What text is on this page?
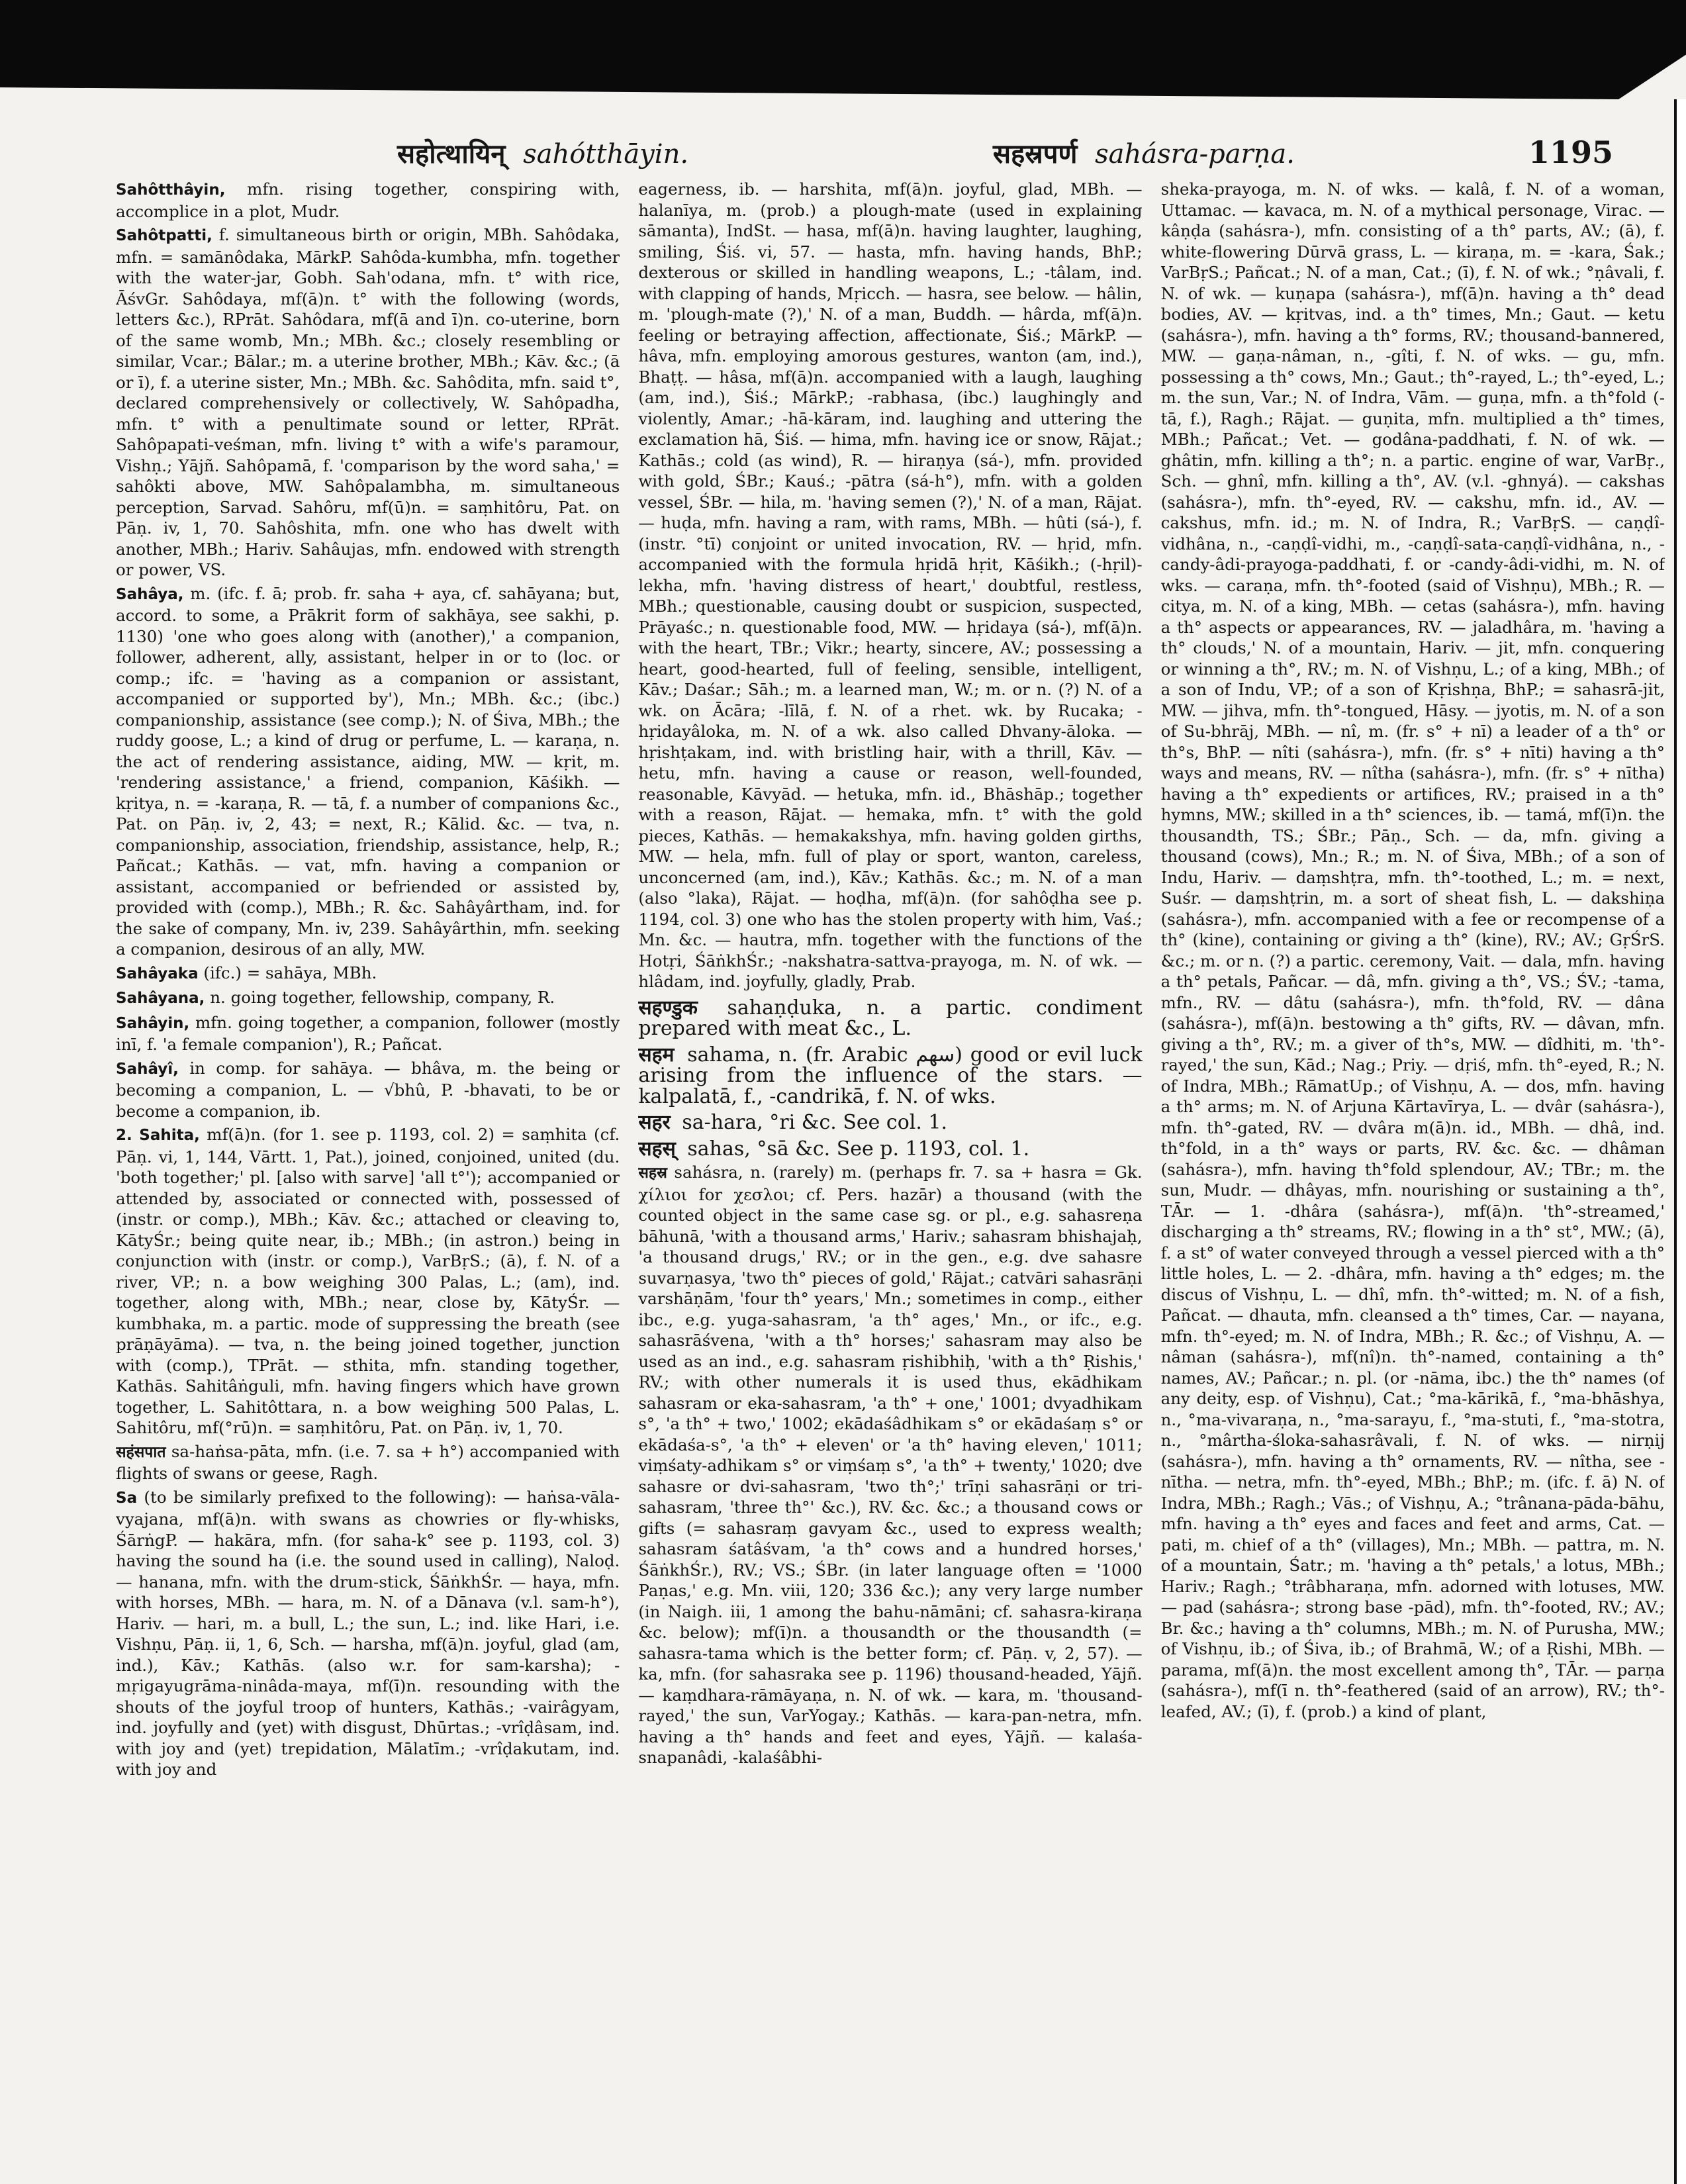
सहोत्थायिन् sahótthāyin.	सहस्रपर्ण sahásra-parṇa.	1195

Sahôtthâyin, mfn. rising together, conspiring with, accomplice in a plot, Mudr.

Sahôtpatti, f. simultaneous birth or origin, MBh. Sahôdaka, mfn. = samānôdaka, MārkP. Sahôda-kumbha, mfn. together with the water-jar, Gobh. Sah'odana, mfn. t° with rice, ĀśvGr. Sahôdaya, mf(ā)n. t° with the following (words, letters &c.), RPrāt. Sahôdara, mf(ā and ī)n. co-uterine, born of the same womb, Mn.; MBh. &c.; closely resembling or similar, Vcar.; Bālar.; m. a uterine brother, MBh.; Kāv. &c.; (ā or ī), f. a uterine sister, Mn.; MBh. &c. Sahôdita, mfn. said t°, declared comprehensively or collectively, W. Sahôpadha, mfn. t° with a penultimate sound or letter, RPrāt. Sahôpapati-veśman, mfn. living t° with a wife's paramour, Vishṇ.; Yājñ. Sahôpamā, f. 'comparison by the word saha,' = sahôkti above, MW. Sahôpalambha, m. simultaneous perception, Sarvad. Sahôru, mf(ū)n. = saṃhitôru, Pat. on Pāṇ. iv, 1, 70. Sahôshita, mfn. one who has dwelt with another, MBh.; Hariv. Sahâujas, mfn. endowed with strength or power, VS.

Sahâya, m. (ifc. f. ā; prob. fr. saha + aya, cf. sahāyana; but, accord. to some, a Prākrit form of sakhāya, see sakhi, p. 1130) 'one who goes along with (another),' a companion, follower, adherent, ally, assistant, helper in or to (loc. or comp.; ifc. = 'having as a companion or assistant, accompanied or supported by'), Mn.; MBh. &c.; (ibc.) companionship, assistance (see comp.); N. of Śiva, MBh.; the ruddy goose, L.; a kind of drug or perfume, L. — karaṇa, n. the act of rendering assistance, aiding, MW. — kṛit, m. 'rendering assistance,' a friend, companion, Kāśikh. — kṛitya, n. = -karaṇa, R. — tā, f. a number of companions &c., Pat. on Pāṇ. iv, 2, 43; = next, R.; Kālid. &c. — tva, n. companionship, association, friendship, assistance, help, R.; Pañcat.; Kathās. — vat, mfn. having a companion or assistant, accompanied or befriended or assisted by, provided with (comp.), MBh.; R. &c. Sahâyârtham, ind. for the sake of company, Mn. iv, 239. Sahâyârthin, mfn. seeking a companion, desirous of an ally, MW.

Sahâyaka (ifc.) = sahāya, MBh.

Sahâyana, n. going together, fellowship, company, R.

Sahâyin, mfn. going together, a companion, follower (mostly inī, f. 'a female companion'), R.; Pañcat.

Sahâyî, in comp. for sahāya. — bhâva, m. the being or becoming a companion, L. — √bhû, P. -bhavati, to be or become a companion, ib.

2. Sahita, mf(ā)n. (for 1. see p. 1193, col. 2) = saṃhita (cf. Pāṇ. vi, 1, 144, Vārtt. 1, Pat.), joined, conjoined, united (du. 'both together;' pl. [also with sarve] 'all t°'); accompanied or attended by, associated or connected with, possessed of (instr. or comp.), MBh.; Kāv. &c.; attached or cleaving to, KātyŚr.; being quite near, ib.; MBh.; (in astron.) being in conjunction with (instr. or comp.), VarBṛS.; (ā), f. N. of a river, VP.; n. a bow weighing 300 Palas, L.; (am), ind. together, along with, MBh.; near, close by, KātyŚr. — kumbhaka, m. a partic. mode of suppressing the breath (see prāṇāyāma). — tva, n. the being joined together, junction with (comp.), TPrāt. — sthita, mfn. standing together, Kathās. Sahitâṅguli, mfn. having fingers which have grown together, L. Sahitôttara, n. a bow weighing 500 Palas, L. Sahitôru, mf(°rū)n. = saṃhitôru, Pat. on Pāṇ. iv, 1, 70.

सहंसपात sa-haṅsa-pāta, mfn. (i.e. 7. sa + h°) accompanied with flights of swans or geese, Ragh.

Sa (to be similarly prefixed to the following): — haṅsa-vāla-vyajana, mf(ā)n. with swans as chowries or fly-whisks, ŚārṅgP. — hakāra, mfn. (for saha-k° see p. 1193, col. 3) having the sound ha (i.e. the sound used in calling), Naloḍ. — hanana, mfn. with the drum-stick, ŚāṅkhŚr. — haya, mfn. with horses, MBh. — hara, m. N. of a Dānava (v.l. sam-h°), Hariv. — hari, m. a bull, L.; the sun, L.; ind. like Hari, i.e. Vishṇu, Pāṇ. ii, 1, 6, Sch. — harsha, mf(ā)n. joyful, glad (am, ind.), Kāv.; Kathās. (also w.r. for sam-karsha); -mṛigayugrāma-ninâda-maya, mf(ī)n. resounding with the shouts of the joyful troop of hunters, Kathās.; -vairâgyam, ind. joyfully and (yet) with disgust, Dhūrtas.; -vrîḍâsam, ind. with joy and (yet) trepidation, Mālatīm.; -vrîḍakutam, ind. with joy and

eagerness, ib. — harshita, mf(ā)n. joyful, glad, MBh. — halanīya, m. (prob.) a plough-mate (used in explaining sāmanta), IndSt. — hasa, mf(ā)n. having laughter, laughing, smiling, Śiś. vi, 57. — hasta, mfn. having hands, BhP.; dexterous or skilled in handling weapons, L.; -tâlam, ind. with clapping of hands, Mṛicch. — hasra, see below. — hâlin, m. 'plough-mate (?),' N. of a man, Buddh. — hârda, mf(ā)n. feeling or betraying affection, affectionate, Śiś.; MārkP. — hâva, mfn. employing amorous gestures, wanton (am, ind.), Bhaṭṭ. — hâsa, mf(ā)n. accompanied with a laugh, laughing (am, ind.), Śiś.; MārkP.; -rabhasa, (ibc.) laughingly and violently, Amar.; -hā-kāram, ind. laughing and uttering the exclamation hā, Śiś. — hima, mfn. having ice or snow, Rājat.; Kathās.; cold (as wind), R. — hiraṇya (sá-), mfn. provided with gold, ŚBr.; Kauś.; -pātra (sá-h°), mfn. with a golden vessel, ŚBr. — hila, m. 'having semen (?),' N. of a man, Rājat. — huḍa, mfn. having a ram, with rams, MBh. — hûti (sá-), f. (instr. °tī) conjoint or united invocation, RV. — hṛid, mfn. accompanied with the formula hṛidā hṛit, Kāśikh.; (-hṛil)-lekha, mfn. 'having distress of heart,' doubtful, restless, MBh.; questionable, causing doubt or suspicion, suspected, Prāyaśc.; n. questionable food, MW. — hṛidaya (sá-), mf(ā)n. with the heart, TBr.; Vikr.; hearty, sincere, AV.; possessing a heart, good-hearted, full of feeling, sensible, intelligent, Kāv.; Daśar.; Sāh.; m. a learned man, W.; m. or n. (?) N. of a wk. on Ācāra; -līlā, f. N. of a rhet. wk. by Rucaka; -hṛidayâloka, m. N. of a wk. also called Dhvany-āloka. — hṛishṭakam, ind. with bristling hair, with a thrill, Kāv. — hetu, mfn. having a cause or reason, well-founded, reasonable, Kāvyād. — hetuka, mfn. id., Bhāshāp.; together with a reason, Rājat. — hemaka, mfn. t° with the gold pieces, Kathās. — hemakakshya, mfn. having golden girths, MW. — hela, mfn. full of play or sport, wanton, careless, unconcerned (am, ind.), Kāv.; Kathās. &c.; m. N. of a man (also °laka), Rājat. — hoḍha, mf(ā)n. (for sahôḍha see p. 1194, col. 3) one who has the stolen property with him, Vaś.; Mn. &c. — hautra, mfn. together with the functions of the Hotṛi, ŚāṅkhŚr.; -nakshatra-sattva-prayoga, m. N. of wk. — hlâdam, ind. joyfully, gladly, Prab.

सहण्डुक sahaṇḍuka, n. a partic. condiment prepared with meat &c., L.

सहम sahama, n. (fr. Arabic سهم) good or evil luck arising from the influence of the stars. — kalpalatā, f., -candrikā, f. N. of wks.

सहर sa-hara, °ri &c. See col. 1.

सहस् sahas, °sā &c. See p. 1193, col. 1.

सहस्र sahásra, n. (rarely) m. (perhaps fr. 7. sa + hasra = Gk. χίλιοι for χεσλοι; cf. Pers. hazār) a thousand (with the counted object in the same case sg. or pl., e.g. sahasreṇa bāhunā, 'with a thousand arms,' Hariv.; sahasram bhishajaḥ, 'a thousand drugs,' RV.; or in the gen., e.g. dve sahasre suvarṇasya, 'two th° pieces of gold,' Rājat.; catvāri sahasrāṇi varshāṇām, 'four th° years,' Mn.; sometimes in comp., either ibc., e.g. yuga-sahasram, 'a th° ages,' Mn., or ifc., e.g. sahasrāśvena, 'with a th° horses;' sahasram may also be used as an ind., e.g. sahasram ṛishibhiḥ, 'with a th° Ṛishis,' RV.; with other numerals it is used thus, ekādhikam sahasram or eka-sahasram, 'a th° + one,' 1001; dvyadhikam s°, 'a th° + two,' 1002; ekādaśâdhikam s° or ekādaśaṃ s° or ekādaśa-s°, 'a th° + eleven' or 'a th° having eleven,' 1011; viṃśaty-adhikam s° or viṃśaṃ s°, 'a th° + twenty,' 1020; dve sahasre or dvi-sahasram, 'two th°;' trīṇi sahasrāṇi or tri-sahasram, 'three th°' &c.), RV. &c. &c.; a thousand cows or gifts (= sahasraṃ gavyam &c., used to express wealth; sahasram śatâśvam, 'a th° cows and a hundred horses,' ŚāṅkhŚr.), RV.; VS.; ŚBr. (in later language often = '1000 Paṇas,' e.g. Mn. viii, 120; 336 &c.); any very large number (in Naigh. iii, 1 among the bahu-nāmāni; cf. sahasra-kiraṇa &c. below); mf(ī)n. a thousandth or the thousandth (= sahasra-tama which is the better form; cf. Pāṇ. v, 2, 57). — ka, mfn. (for sahasraka see p. 1196) thousand-headed, Yājñ. — kaṃdhara-rāmāyaṇa, n. N. of wk. — kara, m. 'thousand-rayed,' the sun, VarYogay.; Kathās. — kara-pan-netra, mfn. having a th° hands and feet and eyes, Yājñ. — kalaśa-snapanâdi, -kalaśâbhi-

sheka-prayoga, m. N. of wks. — kalâ, f. N. of a woman, Uttamac. — kavaca, m. N. of a mythical personage, Virac. — kâṇḍa (sahásra-), mfn. consisting of a th° parts, AV.; (ā), f. white-flowering Dūrvā grass, L. — kiraṇa, m. = -kara, Śak.; VarBṛS.; Pañcat.; N. of a man, Cat.; (ī), f. N. of wk.; °ṇâvali, f. N. of wk. — kuṇapa (sahásra-), mf(ā)n. having a th° dead bodies, AV. — kṛitvas, ind. a th° times, Mn.; Gaut. — ketu (sahásra-), mfn. having a th° forms, RV.; thousand-bannered, MW. — gaṇa-nâman, n., -gîti, f. N. of wks. — gu, mfn. possessing a th° cows, Mn.; Gaut.; th°-rayed, L.; th°-eyed, L.; m. the sun, Var.; N. of Indra, Vām. — guṇa, mfn. a th°fold (-tā, f.), Ragh.; Rājat. — guṇita, mfn. multiplied a th° times, MBh.; Pañcat.; Vet. — godâna-paddhati, f. N. of wk. — ghâtin, mfn. killing a th°; n. a partic. engine of war, VarBṛ., Sch. — ghnî, mfn. killing a th°, AV. (v.l. -ghnyá). — cakshas (sahásra-), mfn. th°-eyed, RV. — cakshu, mfn. id., AV. — cakshus, mfn. id.; m. N. of Indra, R.; VarBṛS. — caṇḍî-vidhâna, n., -caṇḍî-vidhi, m., -caṇḍî-sata-caṇḍî-vidhâna, n., -candy-âdi-prayoga-paddhati, f. or -candy-âdi-vidhi, m. N. of wks. — caraṇa, mfn. th°-footed (said of Vishṇu), MBh.; R. — citya, m. N. of a king, MBh. — cetas (sahásra-), mfn. having a th° aspects or appearances, RV. — jaladhâra, m. 'having a th° clouds,' N. of a mountain, Hariv. — jit, mfn. conquering or winning a th°, RV.; m. N. of Vishṇu, L.; of a king, MBh.; of a son of Indu, VP.; of a son of Kṛishṇa, BhP.; = sahasrā-jit, MW. — jihva, mfn. th°-tongued, Hāsy. — jyotis, m. N. of a son of Su-bhrāj, MBh. — nî, m. (fr. s° + nī) a leader of a th° or th°s, BhP. — nîti (sahásra-), mfn. (fr. s° + nīti) having a th° ways and means, RV. — nîtha (sahásra-), mfn. (fr. s° + nītha) having a th° expedients or artifices, RV.; praised in a th° hymns, MW.; skilled in a th° sciences, ib. — tamá, mf(ī)n. the thousandth, TS.; ŚBr.; Pāṇ., Sch. — da, mfn. giving a thousand (cows), Mn.; R.; m. N. of Śiva, MBh.; of a son of Indu, Hariv. — daṃshṭra, mfn. th°-toothed, L.; m. = next, Suśr. — daṃshṭrin, m. a sort of sheat fish, L. — dakshiṇa (sahásra-), mfn. accompanied with a fee or recompense of a th° (kine), containing or giving a th° (kine), RV.; AV.; GṛŚrS. &c.; m. or n. (?) a partic. ceremony, Vait. — dala, mfn. having a th° petals, Pañcar. — dâ, mfn. giving a th°, VS.; ŚV.; -tama, mfn., RV. — dâtu (sahásra-), mfn. th°fold, RV. — dâna (sahásra-), mf(ā)n. bestowing a th° gifts, RV. — dâvan, mfn. giving a th°, RV.; m. a giver of th°s, MW. — dîdhiti, m. 'th°-rayed,' the sun, Kād.; Nag.; Priy. — dṛiś, mfn. th°-eyed, R.; N. of Indra, MBh.; RāmatUp.; of Vishṇu, A. — dos, mfn. having a th° arms; m. N. of Arjuna Kārtavīrya, L. — dvâr (sahásra-), mfn. th°-gated, RV. — dvâra m(ā)n. id., MBh. — dhâ, ind. th°fold, in a th° ways or parts, RV. &c. &c. — dhâman (sahásra-), mfn. having th°fold splendour, AV.; TBr.; m. the sun, Mudr. — dhâyas, mfn. nourishing or sustaining a th°, TĀr. — 1. -dhâra (sahásra-), mf(ā)n. 'th°-streamed,' discharging a th° streams, RV.; flowing in a th° st°, MW.; (ā), f. a st° of water conveyed through a vessel pierced with a th° little holes, L. — 2. -dhâra, mfn. having a th° edges; m. the discus of Vishṇu, L. — dhî, mfn. th°-witted; m. N. of a fish, Pañcat. — dhauta, mfn. cleansed a th° times, Car. — nayana, mfn. th°-eyed; m. N. of Indra, MBh.; R. &c.; of Vishṇu, A. — nâman (sahásra-), mf(nî)n. th°-named, containing a th° names, AV.; Pañcar.; n. pl. (or -nāma, ibc.) the th° names (of any deity, esp. of Vishṇu), Cat.; °ma-kārikā, f., °ma-bhāshya, n., °ma-vivaraṇa, n., °ma-sarayu, f., °ma-stuti, f., °ma-stotra, n., °mârtha-śloka-sahasrâvali, f. N. of wks. — nirṇij (sahásra-), mfn. having a th° ornaments, RV. — nîtha, see -nītha. — netra, mfn. th°-eyed, MBh.; BhP.; m. (ifc. f. ā) N. of Indra, MBh.; Ragh.; Vās.; of Vishṇu, A.; °trânana-pāda-bāhu, mfn. having a th° eyes and faces and feet and arms, Cat. — pati, m. chief of a th° (villages), Mn.; MBh. — pattra, m. N. of a mountain, Śatr.; m. 'having a th° petals,' a lotus, MBh.; Hariv.; Ragh.; °trâbharaṇa, mfn. adorned with lotuses, MW. — pad (sahásra-; strong base -pād), mfn. th°-footed, RV.; AV.; Br. &c.; having a th° columns, MBh.; m. N. of Purusha, MW.; of Vishṇu, ib.; of Śiva, ib.; of Brahmā, W.; of a Ṛishi, MBh. — parama, mf(ā)n. the most excellent among th°, TĀr. — parṇa (sahásra-), mf(ī n. th°-feathered (said of an arrow), RV.; th°-leafed, AV.; (ī), f. (prob.) a kind of plant,
